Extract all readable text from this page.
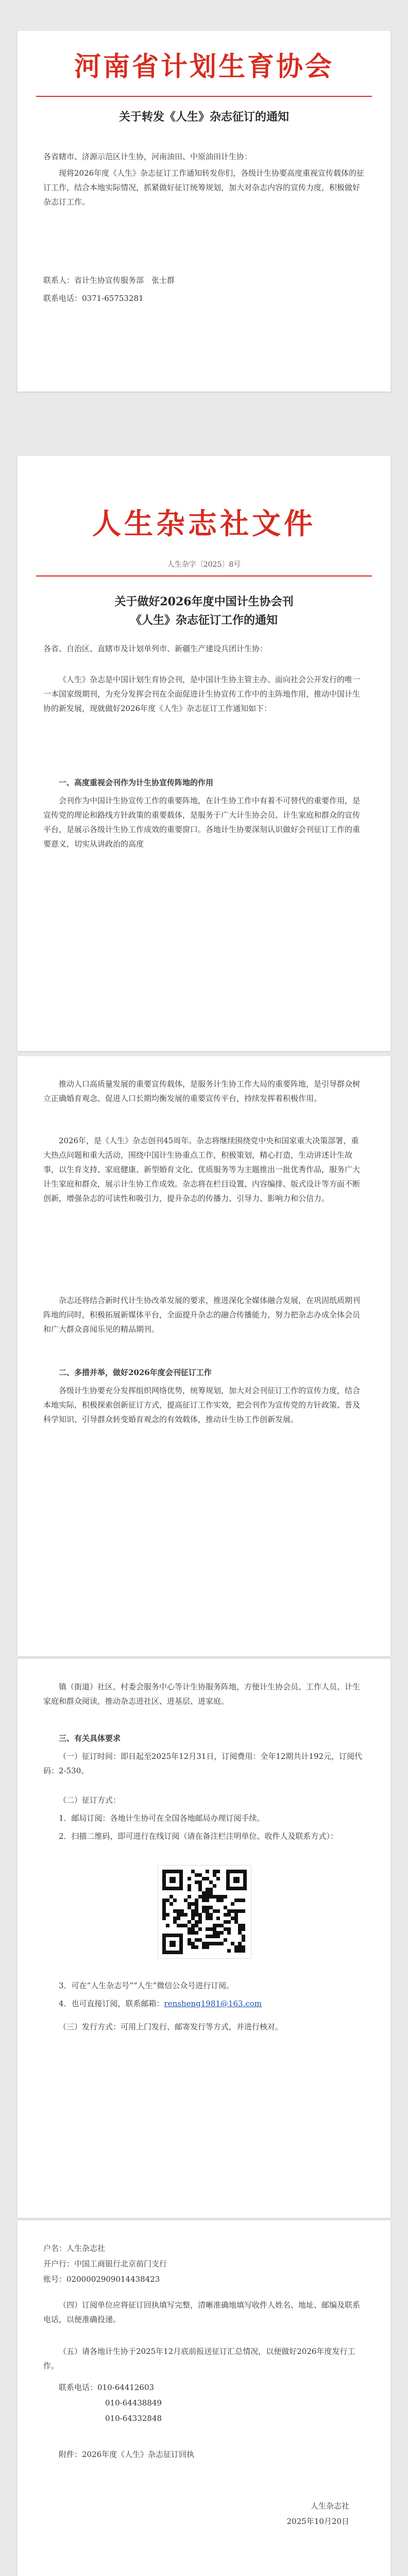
河南省计划生育协会
关于转发《人生》杂志征订的通知
各省辖市、济源示范区计生协，河南油田、中原油田计生协：
现将2026年度《人生》杂志征订工作通知转发你们，各级计生协要高度重视宣传载体的征订工作，结合本地实际情况，抓紧做好征订统筹规划，加大对杂志内容的宣传力度，积极做好杂志订工作。
联系人：省计生协宣传服务部　张士群
联系电话：0371-65753281
人生杂志社文件
人生杂字〔2025〕8号
关于做好2026年度中国计生协会刊
《人生》杂志征订工作的通知
各省、自治区、直辖市及计划单列市、新疆生产建设兵团计生协：
《人生》杂志是中国计划生育协会刊，是中国计生协主管主办、面向社会公开发行的唯一一本国家级期刊，为充分发挥会刊在全面促进计生协宣传工作中的主阵地作用，推动中国计生协的新发展，现就做好2026年度《人生》杂志征订工作通知如下：
一、高度重视会刊作为计生协宣传阵地的作用
会刊作为中国计生协宣传工作的重要阵地，在计生协工作中有着不可替代的重要作用，是宣传党的理论和路线方针政策的重要载体，是服务于广大计生协会员、计生家庭和群众的宣传平台，是展示各级计生协工作成效的重要窗口。各地计生协要深刻认识做好会刊征订工作的重要意义，切实从讲政治的高度
推动人口高质量发展的重要宣传载体，是服务计生协工作大局的重要阵地，是引导群众树立正确婚育观念、促进人口长期均衡发展的重要宣传平台，持续发挥着积极作用。
2026年，是《人生》杂志创刊45周年。杂志将继续围绕党中央和国家重大决策部署，重大热点问题和重大活动，围绕中国计生协重点工作，积极策划，精心打造，生动讲述计生故事，以生育支持、家庭健康、新型婚育文化、优质服务等为主题推出一批优秀作品，服务广大计生家庭和群众，展示计生协工作成效。杂志将在栏目设置、内容编排、版式设计等方面不断创新，增强杂志的可读性和吸引力，提升杂志的传播力、引导力、影响力和公信力。
杂志还将结合新时代计生协改革发展的要求，推进深化全媒体融合发展，在巩固纸质期刊阵地的同时，积极拓展新媒体平台，全面提升杂志的融合传播能力，努力把杂志办成全体会员和广大群众喜闻乐见的精品期刊。
二、多措并举，做好2026年度会刊征订工作
各级计生协要充分发挥组织网络优势，统筹规划，加大对会刊征订工作的宣传力度，结合本地实际，积极探索创新征订方式，提高征订工作实效，把会刊作为宣传党的方针政策、普及科学知识、引导群众转变婚育观念的有效载体，推动计生协工作创新发展。
镇（街道）社区、村委会服务中心等计生协服务阵地，方便计生协会员、工作人员、计生家庭和群众阅读，推动杂志进社区、进基层、进家庭。
三、有关具体要求
（一）征订时间：即日起至2025年12月31日，订阅费用：全年12期共计192元，订阅代码：2-530。
（二）征订方式：
1．邮局订阅：各地计生协可在全国各地邮局办理订阅手续。
2．扫描二维码，即可进行在线订阅（请在备注栏注明单位、收件人及联系方式）：
3．可在“人生杂志号”“人生”微信公众号进行订阅。
4．也可直接订阅，联系邮箱：rensheng1981@163.com
（三）发行方式：可用上门发行、邮寄发行等方式，并进行核对。
户名：人生杂志社
开户行：中国工商银行北京前门支行
账号：0200002909014438423
（四）订阅单位应将征订回执填写完整，清晰准确地填写收件人姓名、地址、邮编及联系电话，以便准确投递。
（五）请各地计生协于2025年12月底前报送征订汇总情况，以便做好2026年度发行工作。
联系电话：010-64412603
010-64438849
010-64332848
附件：2026年度《人生》杂志征订回执
人生杂志社
2025年10月20日
